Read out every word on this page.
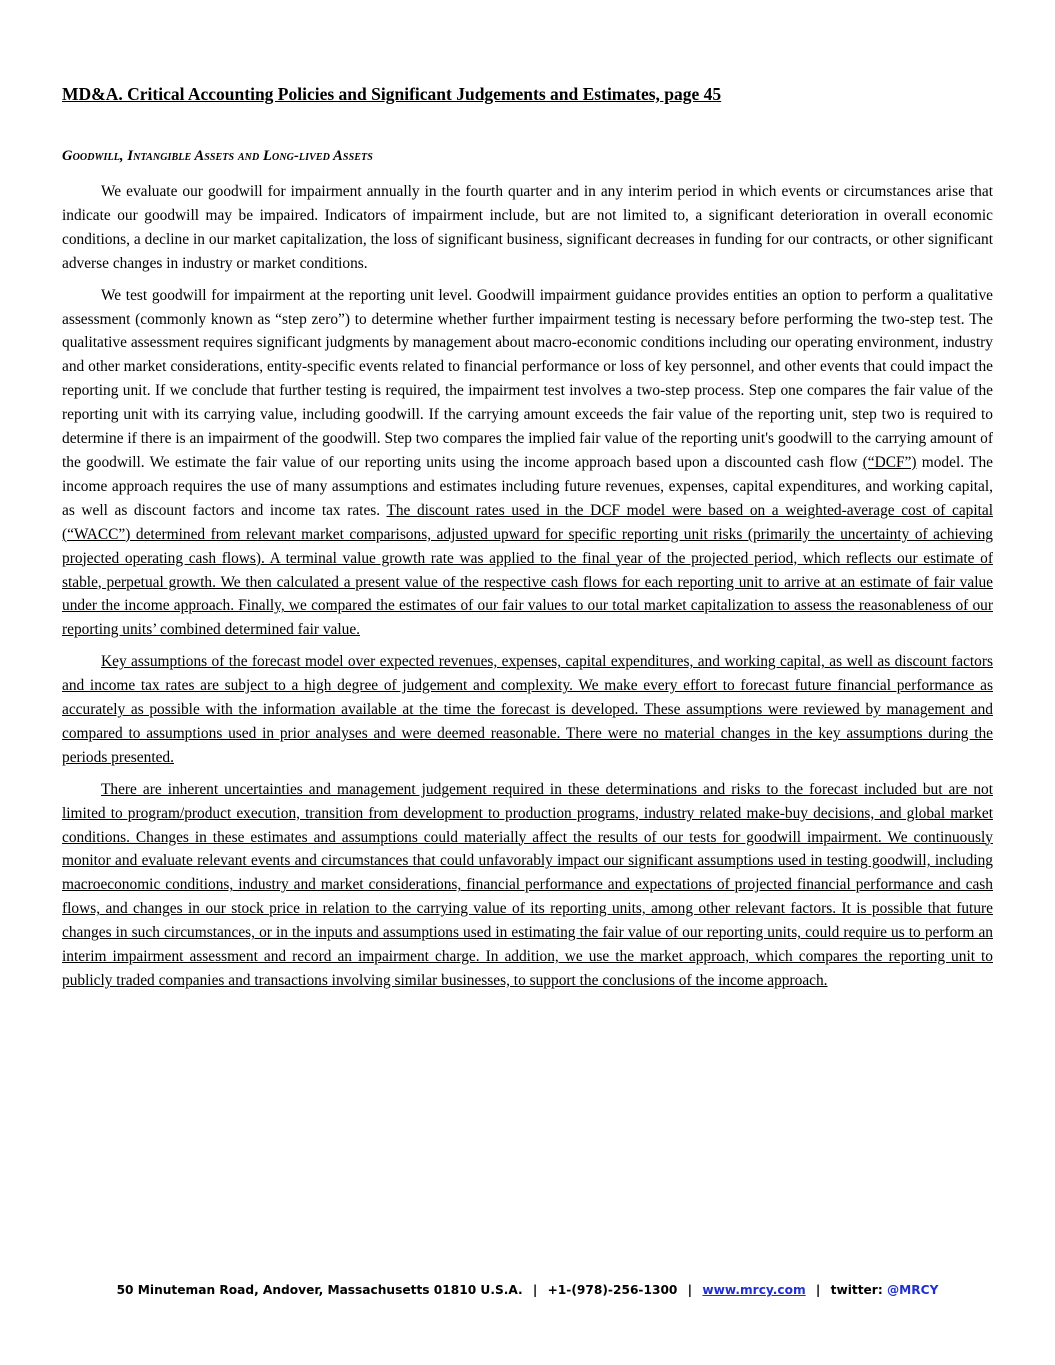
MD&A. Critical Accounting Policies and Significant Judgements and Estimates, page 45
Goodwill, Intangible Assets and Long-lived Assets

We evaluate our goodwill for impairment annually in the fourth quarter and in any interim period in which events or circumstances arise that indicate our goodwill may be impaired. Indicators of impairment include, but are not limited to, a significant deterioration in overall economic conditions, a decline in our market capitalization, the loss of significant business, significant decreases in funding for our contracts, or other significant adverse changes in industry or market conditions.

We test goodwill for impairment at the reporting unit level. Goodwill impairment guidance provides entities an option to perform a qualitative assessment (commonly known as “step zero”) to determine whether further impairment testing is necessary before performing the two-step test. The qualitative assessment requires significant judgments by management about macro-economic conditions including our operating environment, industry and other market considerations, entity-specific events related to financial performance or loss of key personnel, and other events that could impact the reporting unit. If we conclude that further testing is required, the impairment test involves a two-step process. Step one compares the fair value of the reporting unit with its carrying value, including goodwill. If the carrying amount exceeds the fair value of the reporting unit, step two is required to determine if there is an impairment of the goodwill. Step two compares the implied fair value of the reporting unit's goodwill to the carrying amount of the goodwill. We estimate the fair value of our reporting units using the income approach based upon a discounted cash flow (“DCF”) model. The income approach requires the use of many assumptions and estimates including future revenues, expenses, capital expenditures, and working capital, as well as discount factors and income tax rates. The discount rates used in the DCF model were based on a weighted-average cost of capital (“WACC”) determined from relevant market comparisons, adjusted upward for specific reporting unit risks (primarily the uncertainty of achieving projected operating cash flows). A terminal value growth rate was applied to the final year of the projected period, which reflects our estimate of stable, perpetual growth. We then calculated a present value of the respective cash flows for each reporting unit to arrive at an estimate of fair value under the income approach. Finally, we compared the estimates of our fair values to our total market capitalization to assess the reasonableness of our reporting units’ combined determined fair value.

Key assumptions of the forecast model over expected revenues, expenses, capital expenditures, and working capital, as well as discount factors and income tax rates are subject to a high degree of judgement and complexity. We make every effort to forecast future financial performance as accurately as possible with the information available at the time the forecast is developed. These assumptions were reviewed by management and compared to assumptions used in prior analyses and were deemed reasonable. There were no material changes in the key assumptions during the periods presented.

There are inherent uncertainties and management judgement required in these determinations and risks to the forecast included but are not limited to program/product execution, transition from development to production programs, industry related make-buy decisions, and global market conditions. Changes in these estimates and assumptions could materially affect the results of our tests for goodwill impairment. We continuously monitor and evaluate relevant events and circumstances that could unfavorably impact our significant assumptions used in testing goodwill, including macroeconomic conditions, industry and market considerations, financial performance and expectations of projected financial performance and cash flows, and changes in our stock price in relation to the carrying value of its reporting units, among other relevant factors. It is possible that future changes in such circumstances, or in the inputs and assumptions used in estimating the fair value of our reporting units, could require us to perform an interim impairment assessment and record an impairment charge. In addition, we use the market approach, which compares the reporting unit to publicly traded companies and transactions involving similar businesses, to support the conclusions of the income approach.

50 Minuteman Road, Andover, Massachusetts 01810 U.S.A. | +1-(978)-256-1300 | www.mrcy.com | twitter: @MRCY
